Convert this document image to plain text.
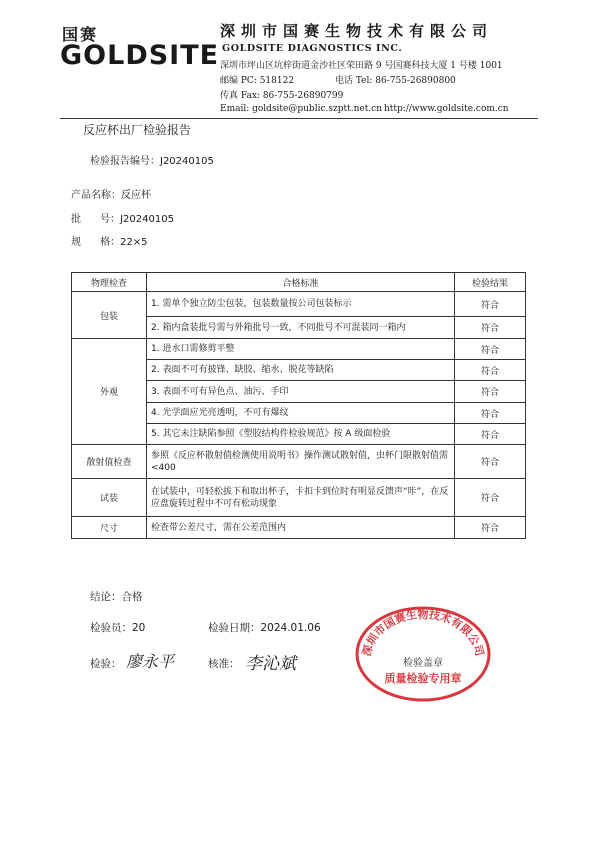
国赛
GOLDSITE
深圳市国赛生物技术有限公司
GOLDSITE DIAGNOSTICS INC.
深圳市坪山区坑梓街道金沙社区荣田路 9 号国赛科技大厦 1 号楼 1001
邮编 PC: 518122	电话 Tel: 86-755-26890800
传真 Fax: 86-755-26890799
Email: goldsite@public.szptt.net.cn http://www.goldsite.com.cn
反应杯出厂检验报告
检验报告编号：J20240105
产品名称：反应杯
批      号：J20240105
规      格：22×5
物理检查	合格标准	检验结果
包装	1. 需单个独立防尘包装，包装数量按公司包装标示	符合
	2. 箱内盒装批号需与外箱批号一致，不同批号不可混装同一箱内	符合
外观	1. 进水口需修剪平整	符合
	2. 表面不可有披锋、缺胶、缩水、脱花等缺陷	符合
	3. 表面不可有异色点、油污、手印	符合
	4. 光学面应光亮透明，不可有爆纹	符合
	5. 其它未注缺陷参照《塑胶结构件检验规范》按 A 级面检验	符合
散射值检查	参照《反应杯散射值检测使用说明书》操作测试散射值，虫杯门限散射值需<400	符合
试装	在试装中，可轻松拔下和取出杯子，卡扣卡到位时有明显反馈声“咔”，在反应盘旋转过程中不可有松动现象	符合
尺寸	检查带公差尺寸，需在公差范围内	符合
结论：合格
检验员：20	检验日期：2024.01.06
检验： 廖永平	核准： 李沁斌
深圳市国赛生物技术有限公司
检验盖章
质量检验专用章
